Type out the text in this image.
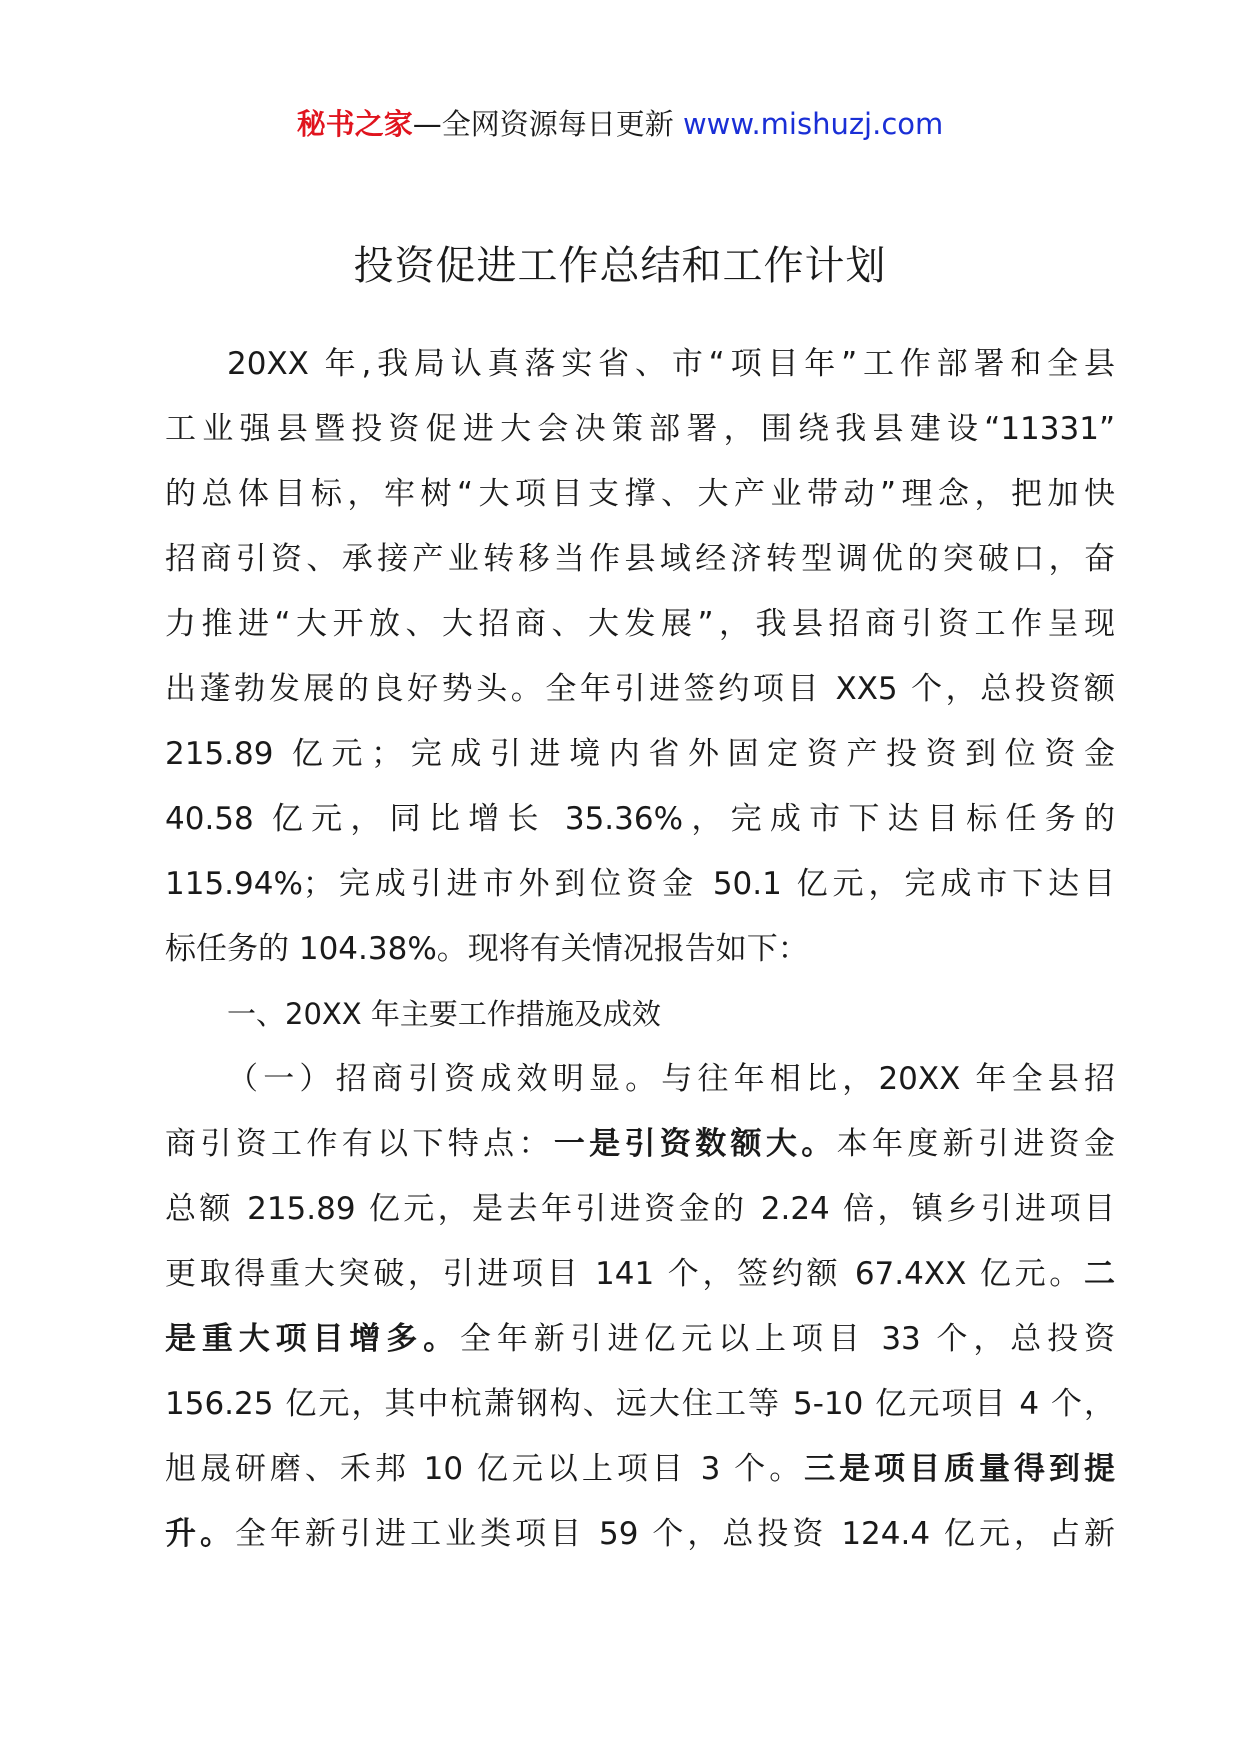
秘书之家—全网资源每日更新 www.mishuzj.com
投资促进工作总结和工作计划
20XX 年,我局认真落实省、市“项目年”工作部署和全县
工业强县暨投资促进大会决策部署，围绕我县建设“11331”
的总体目标，牢树“大项目支撑、大产业带动”理念，把加快
招商引资、承接产业转移当作县域经济转型调优的突破口，奋
力推进“大开放、大招商、大发展”，我县招商引资工作呈现
出蓬勃发展的良好势头。全年引进签约项目 XX5 个，总投资额
215.89 亿元；完成引进境内省外固定资产投资到位资金
40.58 亿元，同比增长 35.36%，完成市下达目标任务的
115.94%；完成引进市外到位资金 50.1 亿元，完成市下达目
标任务的 104.38%。现将有关情况报告如下：
一、20XX 年主要工作措施及成效
（一）招商引资成效明显。与往年相比，20XX 年全县招
商引资工作有以下特点：一是引资数额大。本年度新引进资金
总额 215.89 亿元，是去年引进资金的 2.24 倍，镇乡引进项目
更取得重大突破，引进项目 141 个，签约额 67.4XX 亿元。二
是重大项目增多。全年新引进亿元以上项目 33 个，总投资
156.25 亿元，其中杭萧钢构、远大住工等 5-10 亿元项目 4 个，
旭晟研磨、禾邦 10 亿元以上项目 3 个。三是项目质量得到提
升。全年新引进工业类项目 59 个，总投资 124.4 亿元，占新
